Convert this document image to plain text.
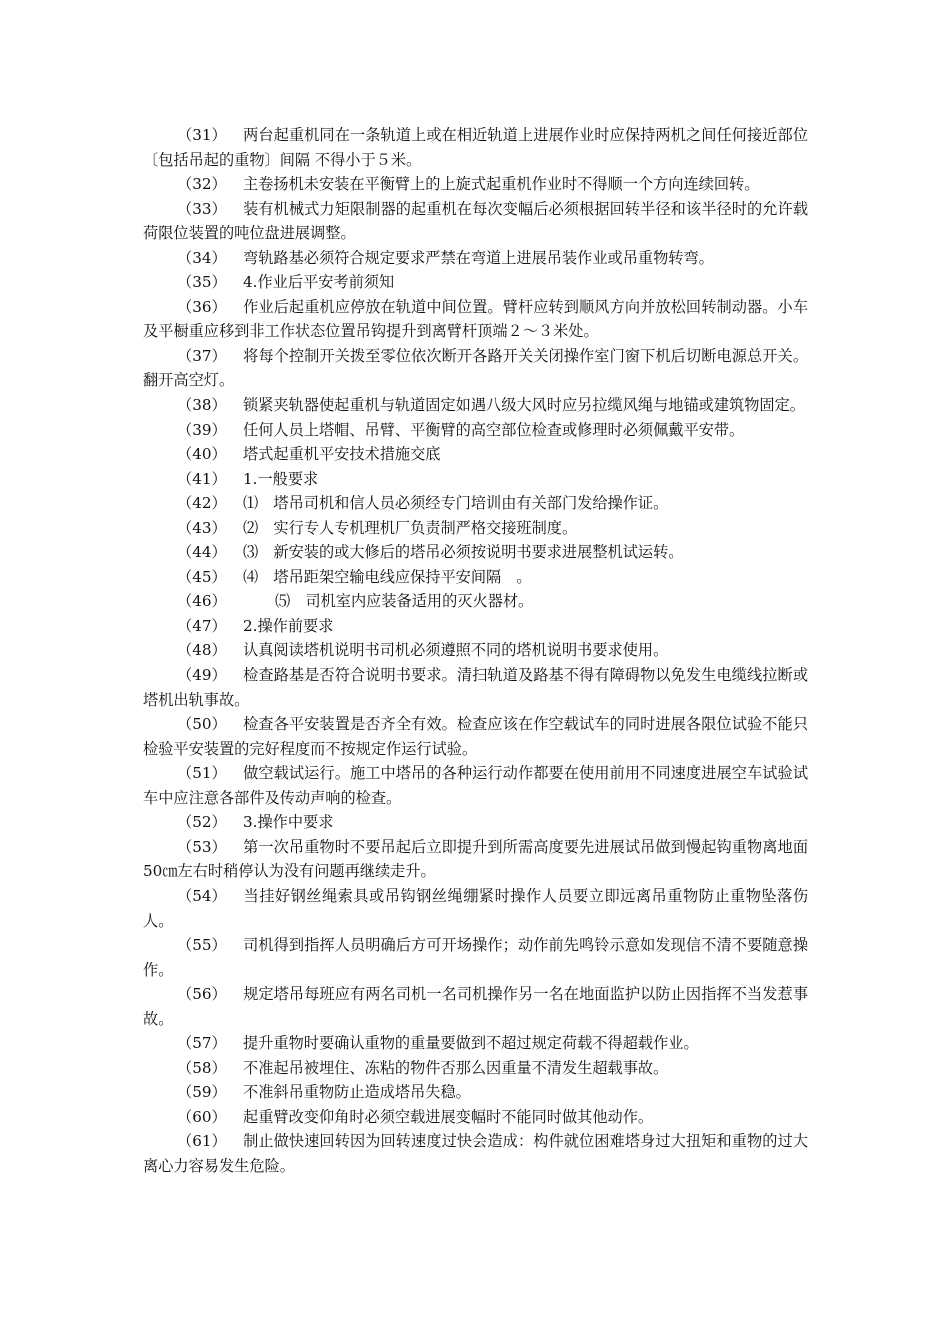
（31） 两台起重机同在一条轨道上或在相近轨道上进展作业时应保持两机之间任何接近部位〔包括吊起的重物〕间隔 不得小于５米。

（32） 主卷扬机未安装在平衡臂上的上旋式起重机作业时不得顺一个方向连续回转。

（33） 装有机械式力矩限制器的起重机在每次变幅后必须根据回转半径和该半径时的允许载荷限位装置的吨位盘进展调整。

（34） 弯轨路基必须符合规定要求严禁在弯道上进展吊装作业或吊重物转弯。

（35） 4.作业后平安考前须知

（36） 作业后起重机应停放在轨道中间位置。臂杆应转到顺风方向并放松回转制动器。小车及平橱重应移到非工作状态位置吊钩提升到离臂杆顶端２～３米处。

（37） 将每个控制开关拨至零位依次断开各路开关关闭操作室门窗下机后切断电源总开关。翻开高空灯。

（38） 锁紧夹轨器使起重机与轨道固定如遇八级大风时应另拉缆风绳与地锚或建筑物固定。

（39） 任何人员上塔帽、吊臂、平衡臂的高空部位检查或修理时必须佩戴平安带。

（40） 塔式起重机平安技术措施交底

（41） 1.一般要求

（42） ⑴　塔吊司机和信人员必须经专门培训由有关部门发给操作证。

（43） ⑵　实行专人专机理机厂负责制严格交接班制度。

（44） ⑶　新安装的或大修后的塔吊必须按说明书要求进展整机试运转。

（45） ⑷　塔吊距架空输电线应保持平安间隔　。

（46）	⑸　司机室内应装备适用的灭火器材。

（47） 2.操作前要求

（48） 认真阅读塔机说明书司机必须遵照不同的塔机说明书要求使用。

（49） 检查路基是否符合说明书要求。清扫轨道及路基不得有障碍物以免发生电缆线拉断或塔机出轨事故。

（50） 检查各平安装置是否齐全有效。检查应该在作空载试车的同时进展各限位试验不能只检验平安装置的完好程度而不按规定作运行试验。

（51） 做空载试运行。施工中塔吊的各种运行动作都要在使用前用不同速度进展空车试验试车中应注意各部件及传动声响的检查。

（52） 3.操作中要求

（53） 第一次吊重物时不要吊起后立即提升到所需高度要先进展试吊做到慢起钩重物离地面50㎝左右时稍停认为没有问题再继续走升。

（54） 当挂好钢丝绳索具或吊钩钢丝绳绷紧时操作人员要立即远离吊重物防止重物坠落伤人。

（55） 司机得到指挥人员明确后方可开场操作；动作前先鸣铃示意如发现信不清不要随意操作。

（56） 规定塔吊每班应有两名司机一名司机操作另一名在地面监护以防止因指挥不当发惹事故。

（57） 提升重物时要确认重物的重量要做到不超过规定荷载不得超载作业。

（58） 不准起吊被埋住、冻粘的物件否那么因重量不清发生超载事故。

（59） 不准斜吊重物防止造成塔吊失稳。

（60） 起重臂改变仰角时必须空载进展变幅时不能同时做其他动作。

（61） 制止做快速回转因为回转速度过快会造成：构件就位困难塔身过大扭矩和重物的过大离心力容易发生危险。
